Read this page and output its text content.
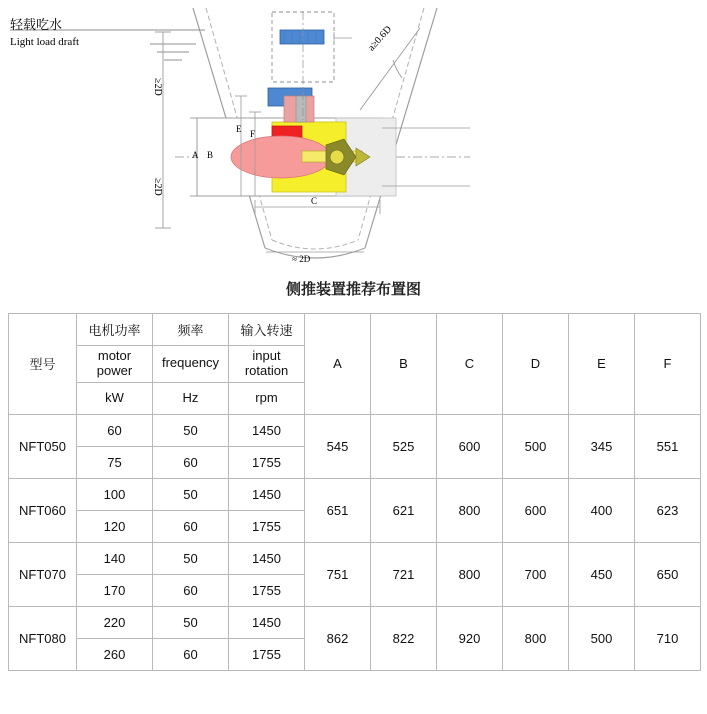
轻载吃水
Light load draft
≥2D
≥2D
a≥0.6D
A B
E F
C
≈ 2D
侧推装置推荐布置图
型号	电机功率	频率	输入转速	A	B	C	D	E	F
	motor power	frequency	input rotation						
	kW	Hz	rpm						
NFT050	60	50	1450	545	525	600	500	345	551
	75	60	1755						
NFT060	100	50	1450	651	621	800	600	400	623
	120	60	1755						
NFT070	140	50	1450	751	721	800	700	450	650
	170	60	1755						
NFT080	220	50	1450	862	822	920	800	500	710
	260	60	1755						
